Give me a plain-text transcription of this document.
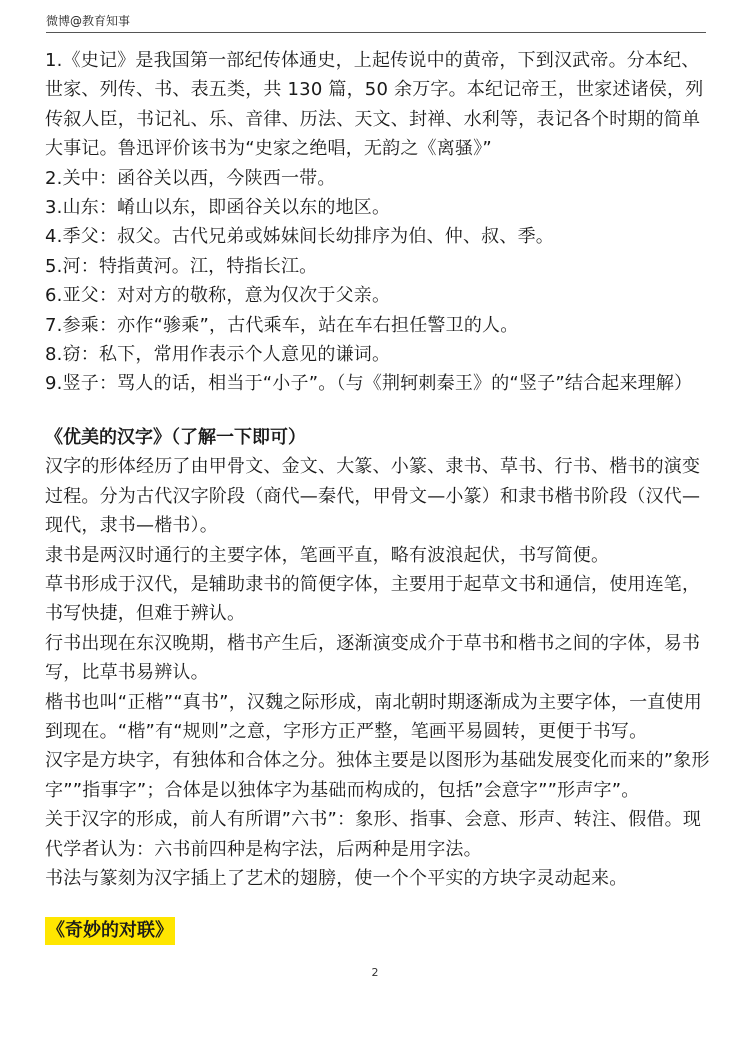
微博@教育知事

1.《史记》是我国第一部纪传体通史，上起传说中的黄帝，下到汉武帝。分本纪、世家、列传、书、表五类，共 130 篇，50 余万字。本纪记帝王，世家述诸侯，列传叙人臣，书记礼、乐、音律、历法、天文、封禅、水利等，表记各个时期的简单大事记。鲁迅评价该书为“史家之绝唱，无韵之《离骚》”

2.关中：函谷关以西，今陕西一带。

3.山东：崤山以东，即函谷关以东的地区。

4.季父：叔父。古代兄弟或姊妹间长幼排序为伯、仲、叔、季。

5.河：特指黄河。江，特指长江。

6.亚父：对对方的敬称，意为仅次于父亲。

7.参乘：亦作“骖乘”，古代乘车，站在车右担任警卫的人。

8.窃：私下，常用作表示个人意见的谦词。

9.竖子：骂人的话，相当于“小子”。（与《荆轲刺秦王》的“竖子”结合起来理解）

《优美的汉字》（了解一下即可）

汉字的形体经历了由甲骨文、金文、大篆、小篆、隶书、草书、行书、楷书的演变过程。分为古代汉字阶段（商代—秦代，甲骨文—小篆）和隶书楷书阶段（汉代—现代，隶书—楷书）。

隶书是两汉时通行的主要字体，笔画平直，略有波浪起伏，书写简便。

草书形成于汉代，是辅助隶书的简便字体，主要用于起草文书和通信，使用连笔，书写快捷，但难于辨认。

行书出现在东汉晚期，楷书产生后，逐渐演变成介于草书和楷书之间的字体，易书写，比草书易辨认。

楷书也叫“正楷”“真书”，汉魏之际形成，南北朝时期逐渐成为主要字体，一直使用到现在。“楷”有“规则”之意，字形方正严整，笔画平易圆转，更便于书写。

汉字是方块字，有独体和合体之分。独体主要是以图形为基础发展变化而来的”象形字””指事字”；合体是以独体字为基础而构成的，包括”会意字””形声字”。

关于汉字的形成，前人有所谓”六书”：象形、指事、会意、形声、转注、假借。现代学者认为：六书前四种是构字法，后两种是用字法。

书法与篆刻为汉字插上了艺术的翅膀，使一个个平实的方块字灵动起来。

《奇妙的对联》
2
